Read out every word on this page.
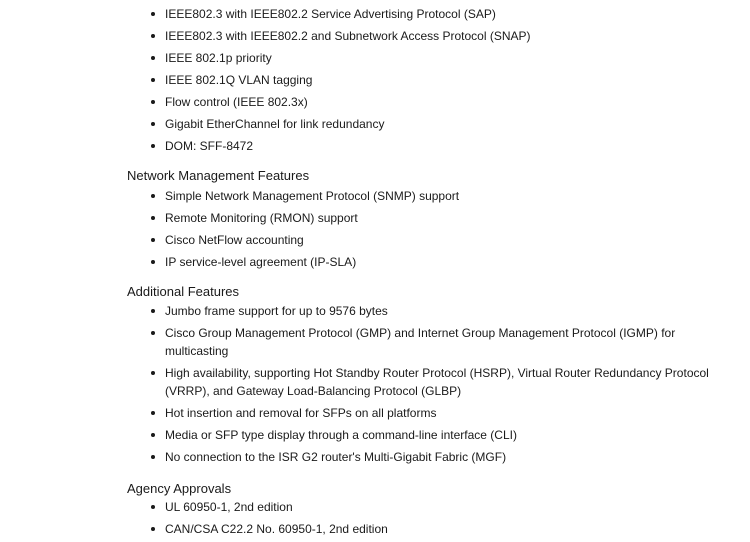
IEEE802.3 with IEEE802.2 Service Advertising Protocol (SAP)
IEEE802.3 with IEEE802.2 and Subnetwork Access Protocol (SNAP)
IEEE 802.1p priority
IEEE 802.1Q VLAN tagging
Flow control (IEEE 802.3x)
Gigabit EtherChannel for link redundancy
DOM: SFF-8472
Network Management Features
Simple Network Management Protocol (SNMP) support
Remote Monitoring (RMON) support
Cisco NetFlow accounting
IP service-level agreement (IP-SLA)
Additional Features
Jumbo frame support for up to 9576 bytes
Cisco Group Management Protocol (GMP) and Internet Group Management Protocol (IGMP) for multicasting
High availability, supporting Hot Standby Router Protocol (HSRP), Virtual Router Redundancy Protocol (VRRP), and Gateway Load-Balancing Protocol (GLBP)
Hot insertion and removal for SFPs on all platforms
Media or SFP type display through a command-line interface (CLI)
No connection to the ISR G2 router's Multi-Gigabit Fabric (MGF)
Agency Approvals
UL 60950-1, 2nd edition
CAN/CSA C22.2 No. 60950-1, 2nd edition
